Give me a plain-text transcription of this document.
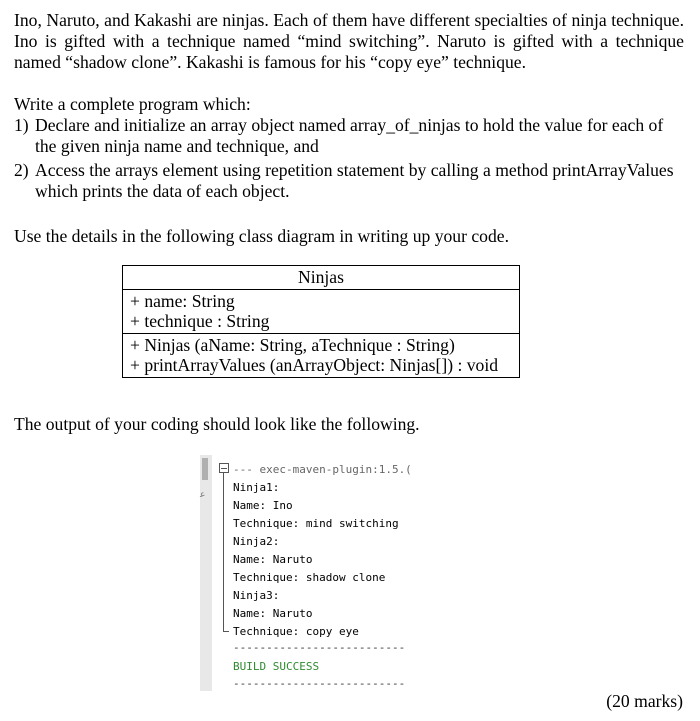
Ino, Naruto, and Kakashi are ninjas. Each of them have different specialties of ninja technique. Ino is gifted with a technique named “mind switching”. Naruto is gifted with a technique named “shadow clone”. Kakashi is famous for his “copy eye” technique.

Write a complete program which:

1) Declare and initialize an array object named array_of_ninjas to hold the value for each of the given ninja name and technique, and
2) Access the arrays element using repetition statement by calling a method printArrayValues which prints the data of each object.

Use the details in the following class diagram in writing up your code.

Ninjas
+ name: String
+ technique : String
+ Ninjas (aName: String, aTechnique : String)
+ printArrayValues (anArrayObject: Ninjas[]) : void

The output of your coding should look like the following.

ﻋ
--- exec-maven-plugin:1.5.(
Ninja1:
Name: Ino
Technique: mind switching
Ninja2:
Name: Naruto
Technique: shadow clone
Ninja3:
Name: Naruto
Technique: copy eye
--------------------------
BUILD SUCCESS
--------------------------

(20 marks)
